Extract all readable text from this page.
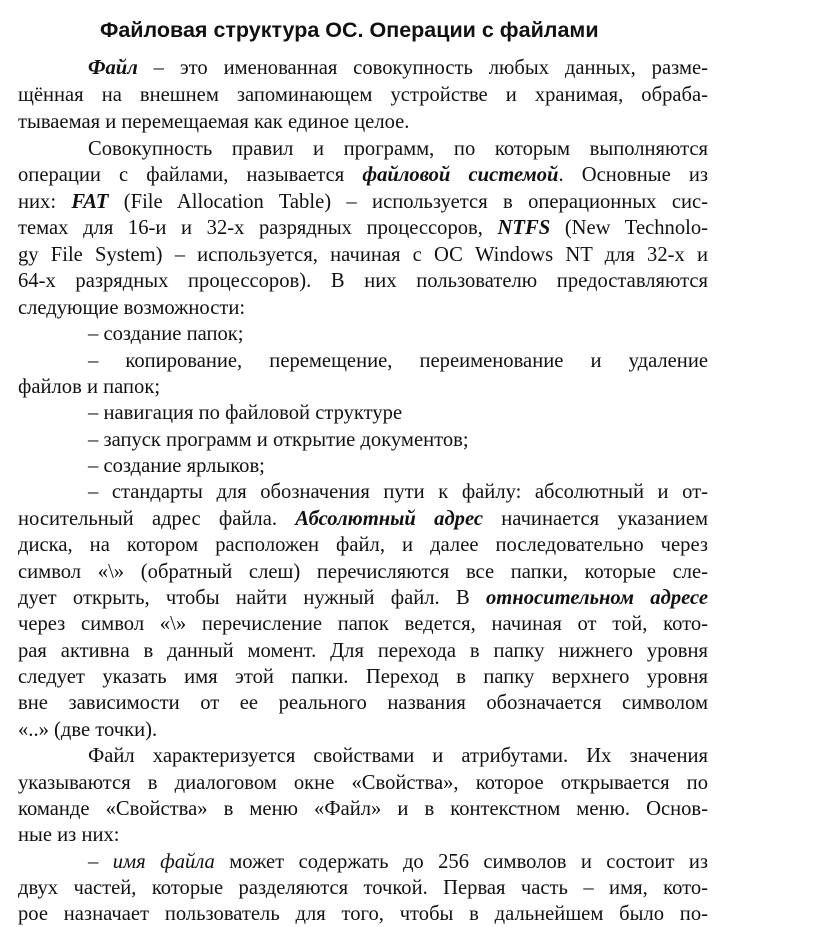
Файловая структура ОС. Операции с файлами
Файл – это именованная совокупность любых данных, разме-
щённая на внешнем запоминающем устройстве и хранимая, обраба-
тываемая и перемещаемая как единое целое.
Совокупность правил и программ, по которым выполняются
операции с файлами, называется файловой системой. Основные из
них: FAT (File Allocation Table) – используется в операционных сис-
темах для 16-и и 32-х разрядных процессоров, NTFS (New Technolo-
gy File System) – используется, начиная с ОС Windows NT для 32-х и
64-х разрядных процессоров). В них пользователю предоставляются
следующие возможности:
– создание папок;
– копирование, перемещение, переименование и удаление
файлов и папок;
– навигация по файловой структуре
– запуск программ и открытие документов;
– создание ярлыков;
– стандарты для обозначения пути к файлу: абсолютный и от-
носительный адрес файла. Абсолютный адрес начинается указанием
диска, на котором расположен файл, и далее последовательно через
символ «\» (обратный слеш) перечисляются все папки, которые сле-
дует открыть, чтобы найти нужный файл. В относительном адресе
через символ «\» перечисление папок ведется, начиная от той, кото-
рая активна в данный момент. Для перехода в папку нижнего уровня
следует указать имя этой папки. Переход в папку верхнего уровня
вне зависимости от ее реального названия обозначается символом
«..» (две точки).
Файл характеризуется свойствами и атрибутами. Их значения
указываются в диалоговом окне «Свойства», которое открывается по
команде «Свойства» в меню «Файл» и в контекстном меню. Основ-
ные из них:
– имя файла может содержать до 256 символов и состоит из
двух частей, которые разделяются точкой. Первая часть – имя, кото-
рое назначает пользователь для того, чтобы в дальнейшем было по-
